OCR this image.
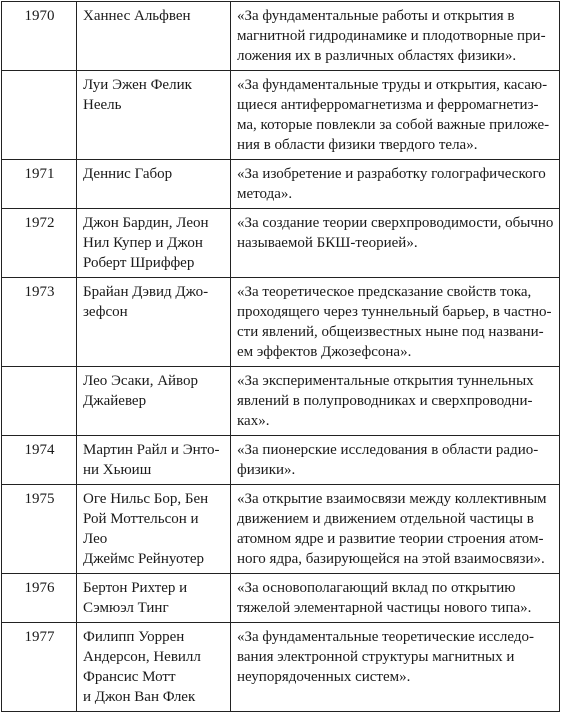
1970	Ханнес Альфвен	«За фундаментальные работы и открытия в
магнитной гидродинамике и плодотворные при-
ложения их в различных областях физики».
	Луи Эжен Фелик
Неель	«За фундаментальные труды и открытия, касаю-
щиеся антиферромагнетизма и ферромагнетиз-
ма, которые повлекли за собой важные приложе-
ния в области физики твердого тела».
1971	Деннис Габор	«За изобретение и разработку голографического
метода».
1972	Джон Бардин, Леон
Нил Купер и Джон
Роберт Шриффер	«За создание теории сверхпроводимости, обычно
называемой БКШ-теорией».
1973	Брайан Дэвид Джо-
зефсон	«За теоретическое предсказание свойств тока,
проходящего через туннельный барьер, в частно-
сти явлений, общеизвестных ныне под названи-
ем эффектов Джозефсона».
	Лео Эсаки, Айвор
Джайевер	«За экспериментальные открытия туннельных
явлений в полупроводниках и сверхпроводни-
ках».
1974	Мартин Райл и Энто-
ни Хьюиш	«За пионерские исследования в области радио-
физики».
1975	Оге Нильс Бор, Бен
Рой Моттельсон и Лео
Джеймс Рейнуотер	«За открытие взаимосвязи между коллективным
движением и движением отдельной частицы в
атомном ядре и развитие теории строения атом-
ного ядра, базирующейся на этой взаимосвязи».
1976	Бертон Рихтер и
Сэмюэл Тинг	«За основополагающий вклад по открытию
тяжелой элементарной частицы нового типа».
1977	Филипп Уоррен
Андерсон, Невилл
Франсис Мотт
и Джон Ван Флек	«За фундаментальные теоретические исследо-
вания электронной структуры магнитных и
неупорядоченных систем».
